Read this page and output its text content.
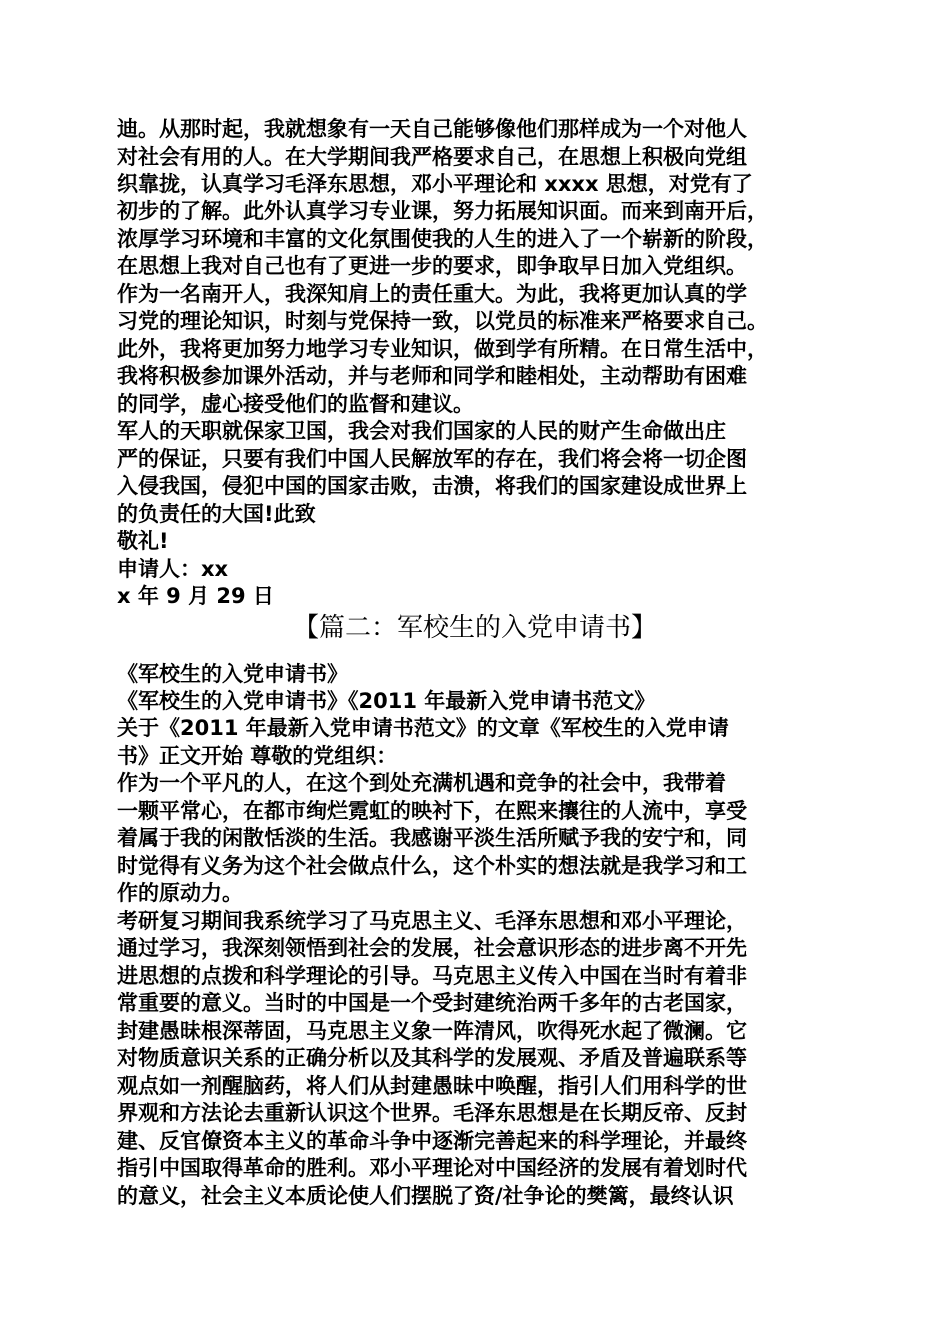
迪。从那时起，我就想象有一天自己能够像他们那样成为一个对他人
对社会有用的人。在大学期间我严格要求自己，在思想上积极向党组
织靠拢，认真学习毛泽东思想，邓小平理论和 xxxx 思想，对党有了
初步的了解。此外认真学习专业课，努力拓展知识面。而来到南开后，
浓厚学习环境和丰富的文化氛围使我的人生的进入了一个崭新的阶段，
在思想上我对自己也有了更进一步的要求，即争取早日加入党组织。
作为一名南开人，我深知肩上的责任重大。为此，我将更加认真的学
习党的理论知识，时刻与党保持一致，以党员的标准来严格要求自己。
此外，我将更加努力地学习专业知识，做到学有所精。在日常生活中，
我将积极参加课外活动，并与老师和同学和睦相处，主动帮助有困难
的同学，虚心接受他们的监督和建议。
军人的天职就保家卫国，我会对我们国家的人民的财产生命做出庄
严的保证，只要有我们中国人民解放军的存在，我们将会将一切企图
入侵我国，侵犯中国的国家击败，击溃，将我们的国家建设成世界上
的负责任的大国!此致
敬礼!
申请人：xx
x 年 9 月 29 日
【篇二：军校生的入党申请书】
《军校生的入党申请书》
《军校生的入党申请书》《2011 年最新入党申请书范文》
关于《2011 年最新入党申请书范文》的文章《军校生的入党申请
书》正文开始 尊敬的党组织：
作为一个平凡的人，在这个到处充满机遇和竞争的社会中，我带着
一颗平常心，在都市绚烂霓虹的映衬下，在熙来攘往的人流中，享受
着属于我的闲散恬淡的生活。我感谢平淡生活所赋予我的安宁和，同
时觉得有义务为这个社会做点什么，这个朴实的想法就是我学习和工
作的原动力。
考研复习期间我系统学习了马克思主义、毛泽东思想和邓小平理论，
通过学习，我深刻领悟到社会的发展，社会意识形态的进步离不开先
进思想的点拨和科学理论的引导。马克思主义传入中国在当时有着非
常重要的意义。当时的中国是一个受封建统治两千多年的古老国家，
封建愚昧根深蒂固，马克思主义象一阵清风，吹得死水起了微澜。它
对物质意识关系的正确分析以及其科学的发展观、矛盾及普遍联系等
观点如一剂醒脑药，将人们从封建愚昧中唤醒，指引人们用科学的世
界观和方法论去重新认识这个世界。毛泽东思想是在长期反帝、反封
建、反官僚资本主义的革命斗争中逐渐完善起来的科学理论，并最终
指引中国取得革命的胜利。邓小平理论对中国经济的发展有着划时代
的意义，社会主义本质论使人们摆脱了资/社争论的樊篱，最终认识
